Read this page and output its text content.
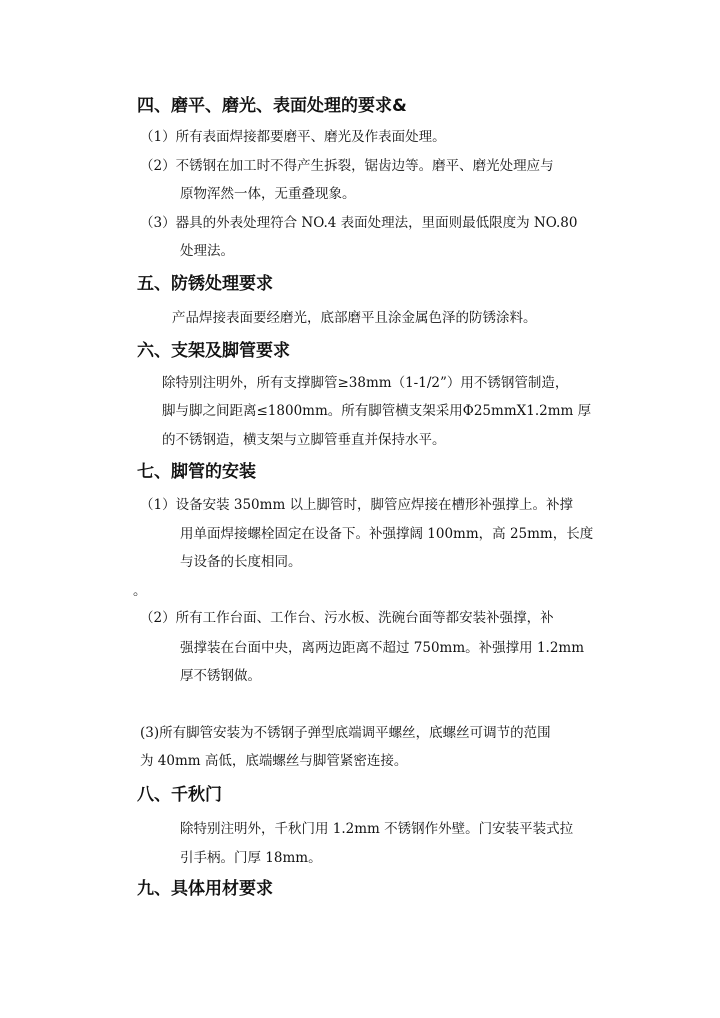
四、磨平、磨光、表面处理的要求&
（1）所有表面焊接都要磨平、磨光及作表面处理。
（2）不锈钢在加工时不得产生拆裂，锯齿边等。磨平、磨光处理应与
原物浑然一体，无重叠现象。
（3）器具的外表处理符合 NO.4 表面处理法，里面则最低限度为 NO.80
处理法。
五、防锈处理要求
产品焊接表面要经磨光，底部磨平且涂金属色泽的防锈涂料。
六、支架及脚管要求
除特别注明外，所有支撑脚管≥38mm（1-1/2”）用不锈钢管制造，
脚与脚之间距离≤1800mm。所有脚管横支架采用Φ25mmⅩ1.2mm 厚
的不锈钢造，横支架与立脚管垂直并保持水平。
七、脚管的安装
（1）设备安装 350mm 以上脚管时，脚管应焊接在槽形补强撑上。补撑
用单面焊接螺栓固定在设备下。补强撑阔 100mm，高 25mm，长度
与设备的长度相同。
。
（2）所有工作台面、工作台、污水板、洗碗台面等都安装补强撑，补
强撑装在台面中央，离两边距离不超过 750mm。补强撑用 1.2mm
厚不锈钢做。
(3)所有脚管安装为不锈钢子弹型底端调平螺丝，底螺丝可调节的范围
为 40mm 高低，底端螺丝与脚管紧密连接。
八、千秋门
除特别注明外，千秋门用 1.2mm 不锈钢作外壁。门安装平装式拉
引手柄。门厚 18mm。
九、具体用材要求
